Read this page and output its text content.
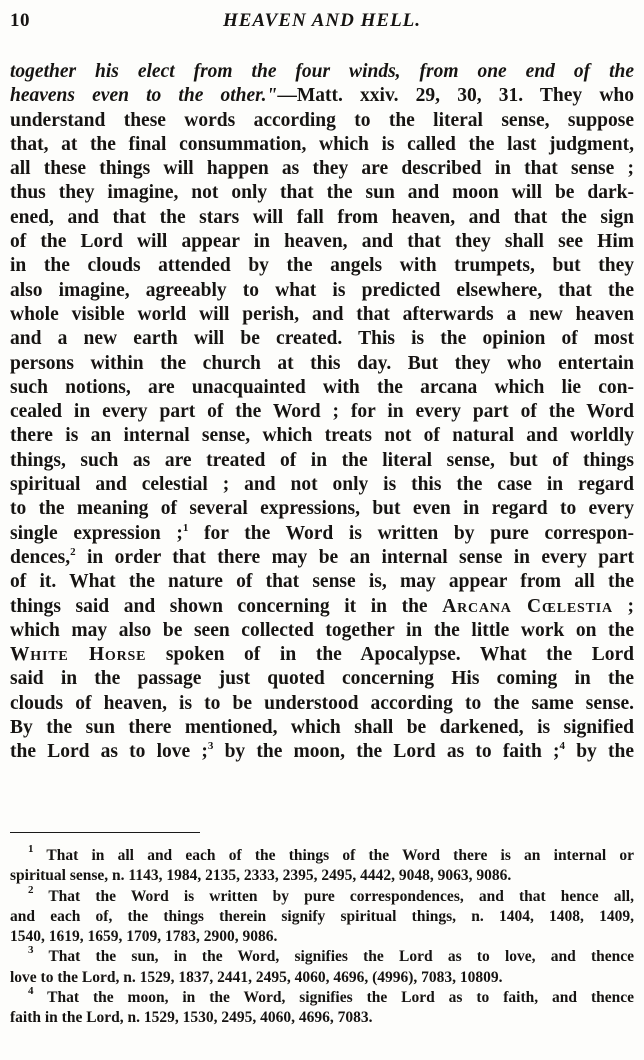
10	HEAVEN AND HELL.
together his elect from the four winds, from one end of the
heavens even to the other."—Matt. xxiv. 29, 30, 31. They who
understand these words according to the literal sense, suppose
that, at the final consummation, which is called the last judgment,
all these things will happen as they are described in that sense ;
thus they imagine, not only that the sun and moon will be dark-
ened, and that the stars will fall from heaven, and that the sign
of the Lord will appear in heaven, and that they shall see Him
in the clouds attended by the angels with trumpets, but they
also imagine, agreeably to what is predicted elsewhere, that the
whole visible world will perish, and that afterwards a new heaven
and a new earth will be created. This is the opinion of most
persons within the church at this day. But they who entertain
such notions, are unacquainted with the arcana which lie con-
cealed in every part of the Word ; for in every part of the Word
there is an internal sense, which treats not of natural and worldly
things, such as are treated of in the literal sense, but of things
spiritual and celestial ; and not only is this the case in regard
to the meaning of several expressions, but even in regard to every
single expression ;$^1$ for the Word is written by pure correspon-
dences,$^2$ in order that there may be an internal sense in every part
of it. What the nature of that sense is, may appear from all the
things said and shown concerning it in the Arcana Cœlestia ;
which may also be seen collected together in the little work on the
White Horse spoken of in the Apocalypse. What the Lord
said in the passage just quoted concerning His coming in the
clouds of heaven, is to be understood according to the same sense.
By the sun there mentioned, which shall be darkened, is signified
the Lord as to love ;$^3$ by the moon, the Lord as to faith ;$^4$ by the
$^1$ That in all and each of the things of the Word there is an internal or
spiritual sense, n. 1143, 1984, 2135, 2333, 2395, 2495, 4442, 9048, 9063, 9086.
$^2$ That the Word is written by pure correspondences, and that hence all,
and each of, the things therein signify spiritual things, n. 1404, 1408, 1409,
1540, 1619, 1659, 1709, 1783, 2900, 9086.
$^3$ That the sun, in the Word, signifies the Lord as to love, and thence
love to the Lord, n. 1529, 1837, 2441, 2495, 4060, 4696, (4996), 7083, 10809.
$^4$ That the moon, in the Word, signifies the Lord as to faith, and thence
faith in the Lord, n. 1529, 1530, 2495, 4060, 4696, 7083.
